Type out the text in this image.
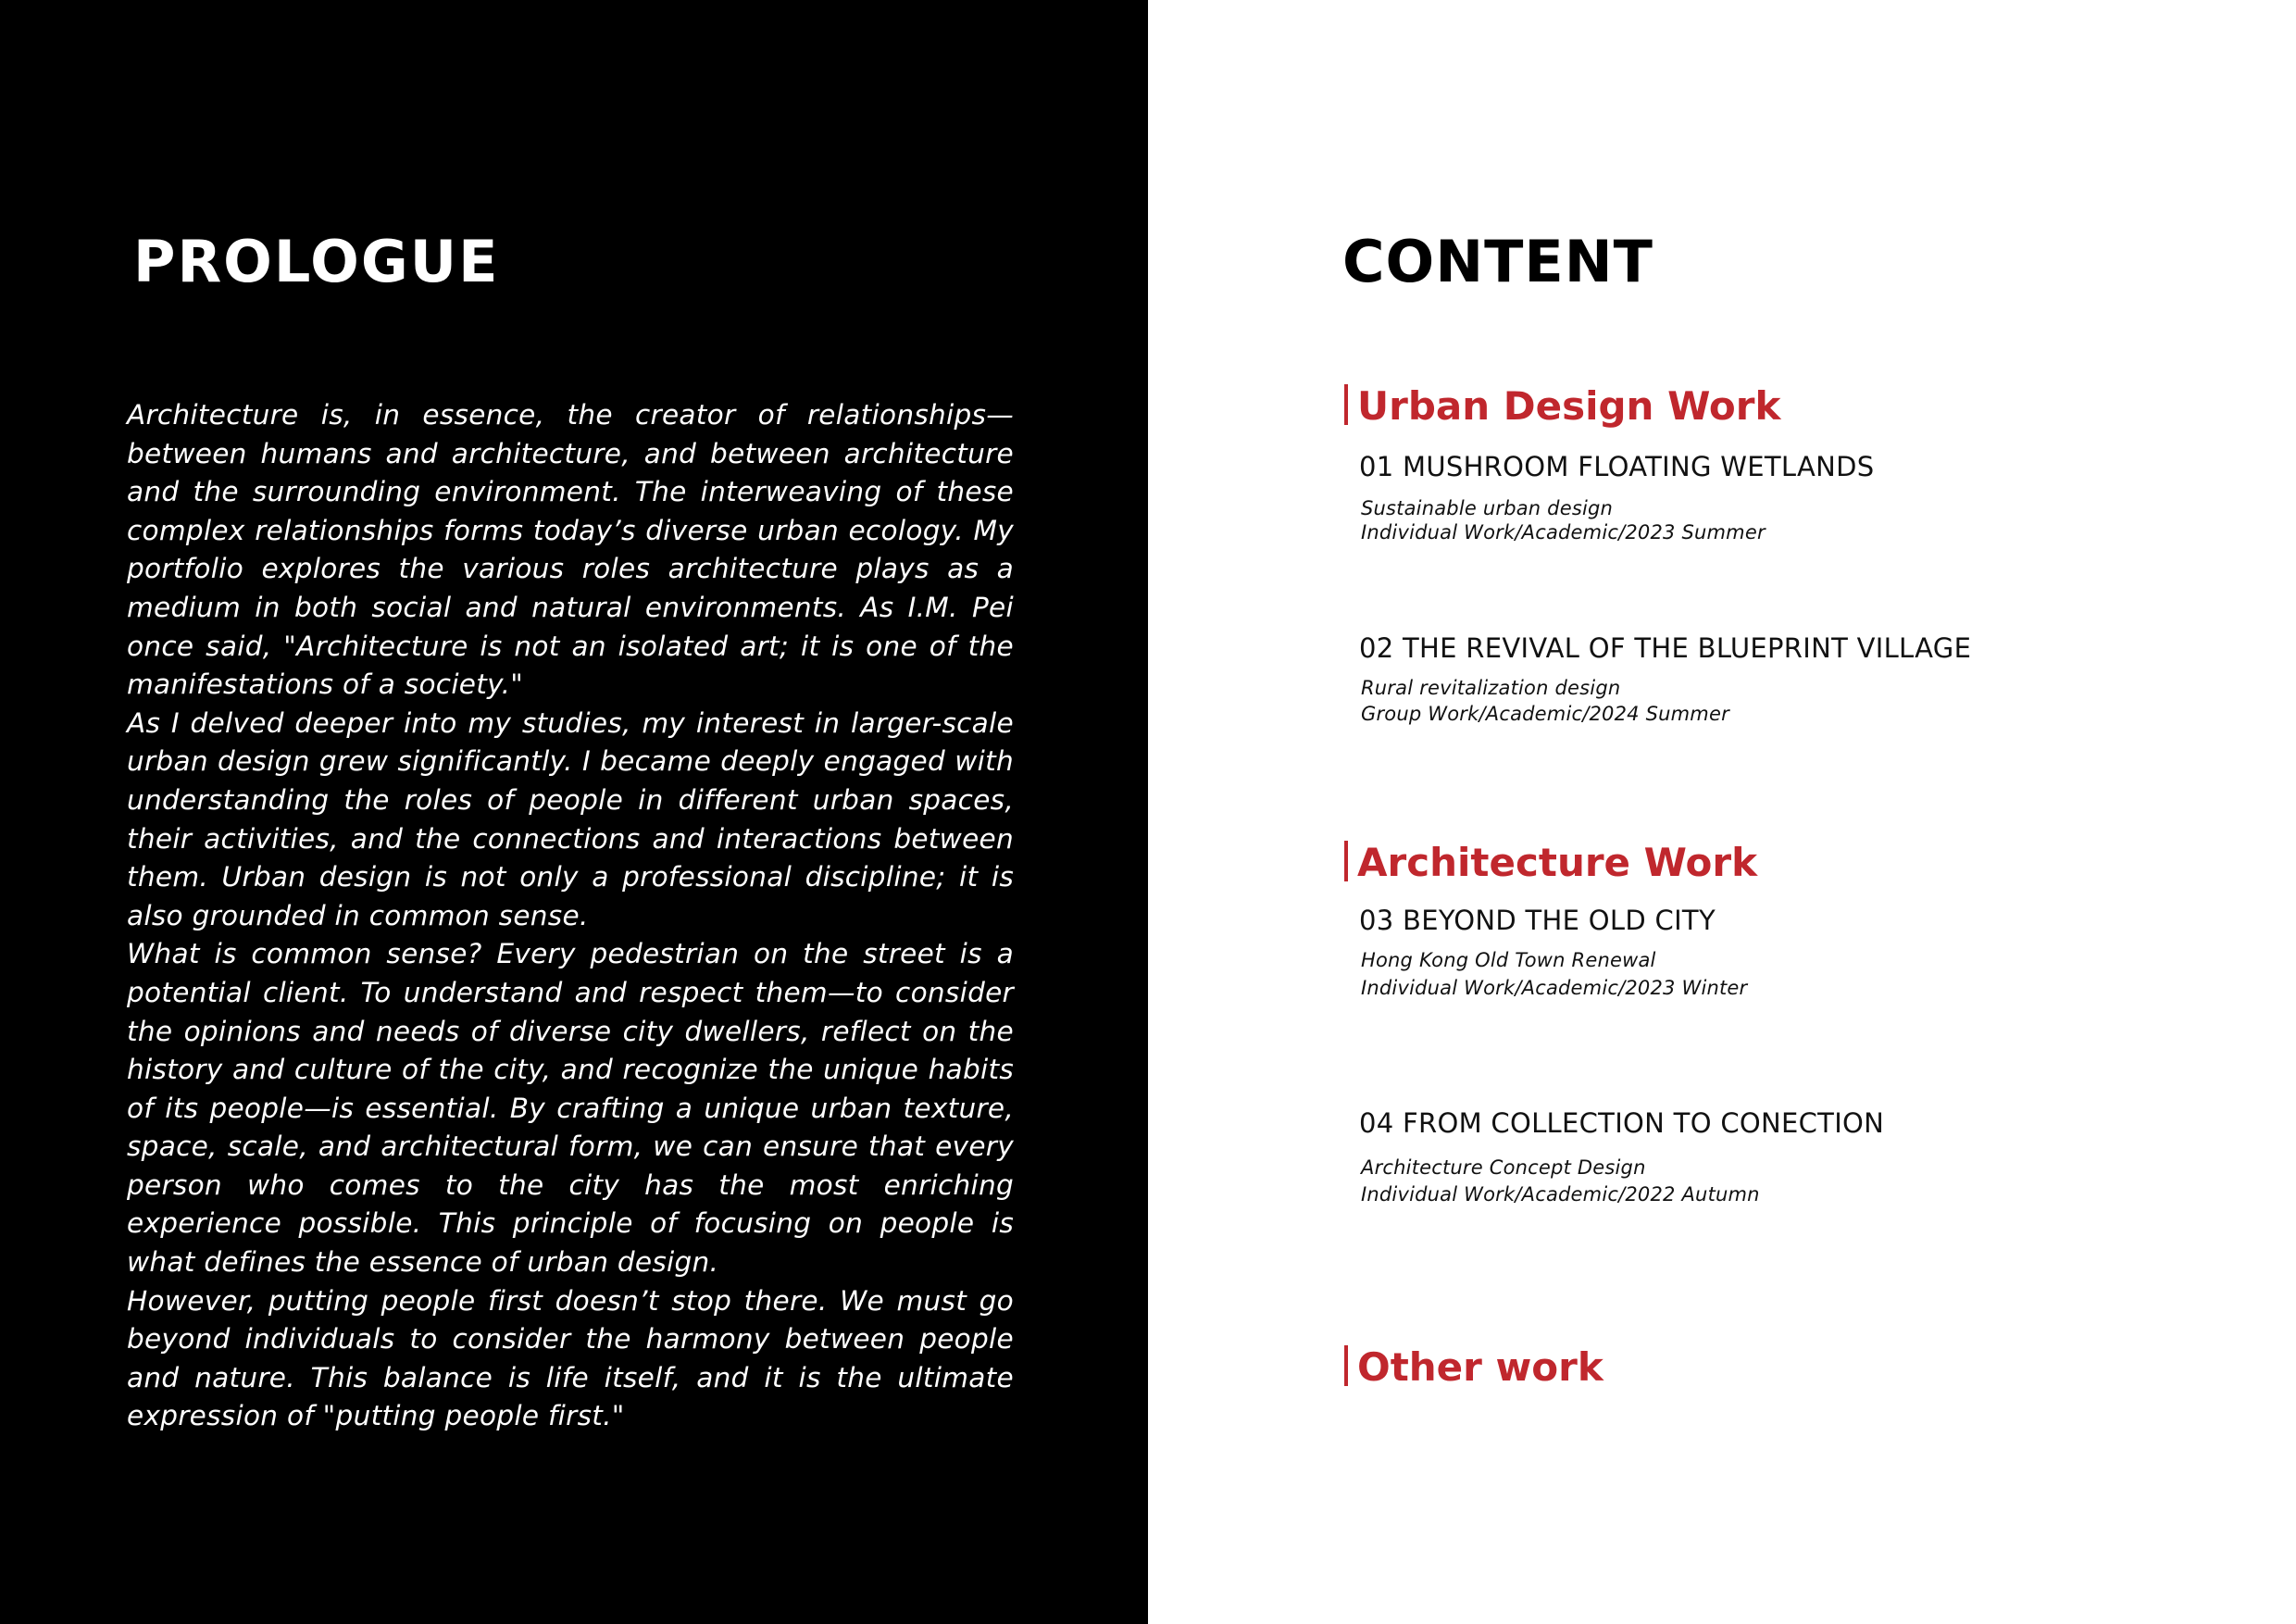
PROLOGUE

Architecture is, in essence, the creator of relationships—between humans and architecture, and between architecture and the surrounding environment. The interweaving of these complex relationships forms today’s diverse urban ecology. My portfolio explores the various roles architecture plays as a medium in both social and natural environments. As I.M. Pei once said, "Architecture is not an isolated art; it is one of the manifestations of a society."

As I delved deeper into my studies, my interest in larger-scale urban design grew significantly. I became deeply engaged with understanding the roles of people in different urban spaces, their activities, and the connections and interactions between them. Urban design is not only a professional discipline; it is also grounded in common sense.

What is common sense? Every pedestrian on the street is a potential client. To understand and respect them—to consider the opinions and needs of diverse city dwellers, reflect on the history and culture of the city, and recognize the unique habits of its people—is essential. By crafting a unique urban texture, space, scale, and architectural form, we can ensure that every person who comes to the city has the most enriching experience possible. This principle of focusing on people is what defines the essence of urban design.

However, putting people first doesn’t stop there. We must go beyond individuals to consider the harmony between people and nature. This balance is life itself, and it is the ultimate expression of "putting people first."

CONTENT
Urban Design Work
01 MUSHROOM FLOATING WETLANDS
Sustainable urban design
Individual Work/Academic/2023 Summer
02 THE REVIVAL OF THE BLUEPRINT VILLAGE
Rural revitalization design
Group Work/Academic/2024 Summer
Architecture Work
03 BEYOND THE OLD CITY
Hong Kong Old Town Renewal
Individual Work/Academic/2023 Winter
04 FROM COLLECTION TO CONECTION
Architecture Concept Design
Individual Work/Academic/2022 Autumn
Other work
